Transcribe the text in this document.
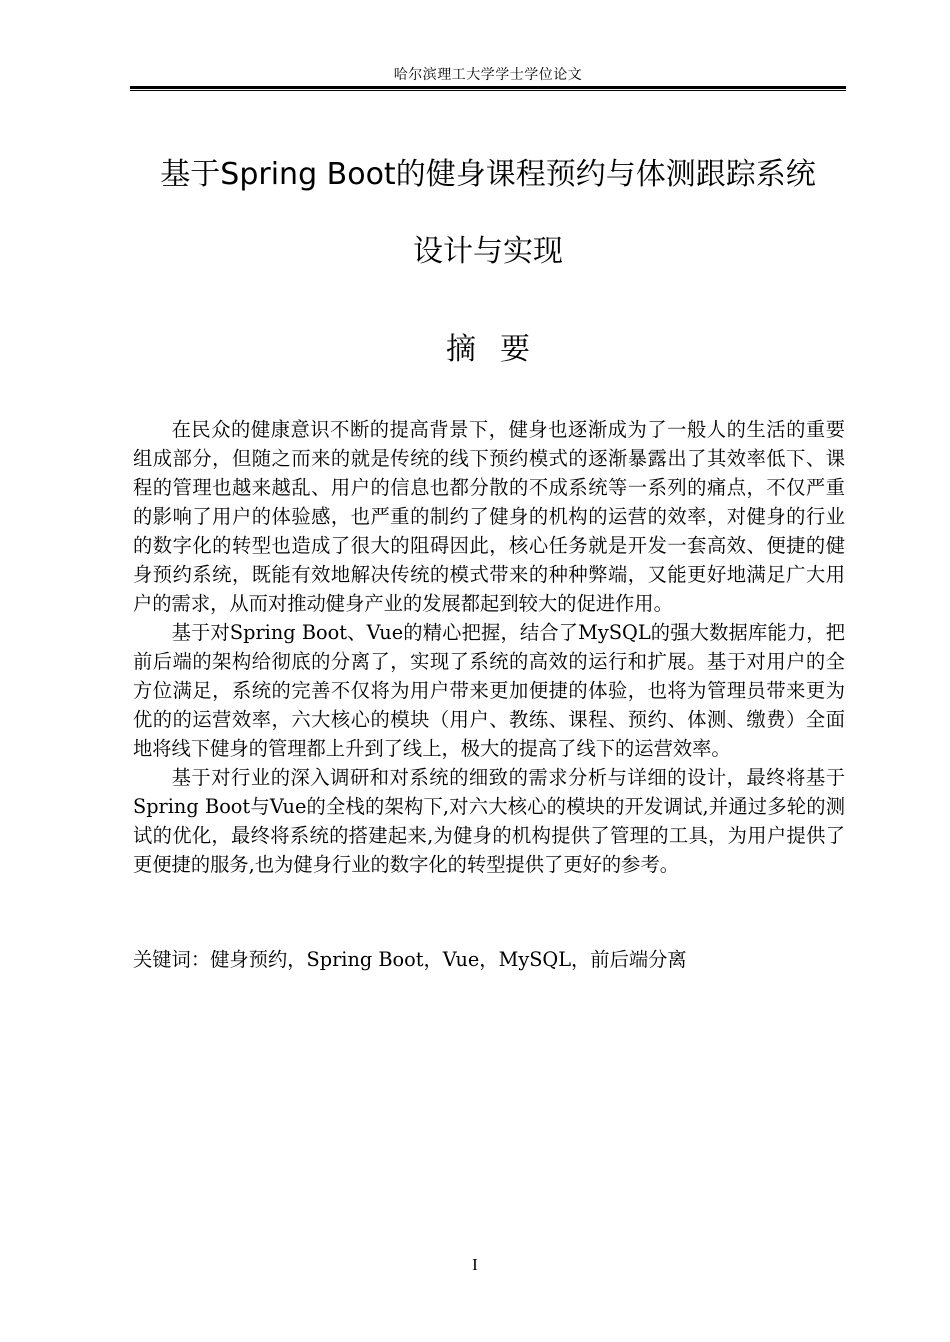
哈尔滨理工大学学士学位论文
基于Spring Boot的健身课程预约与体测跟踪系统
设计与实现
摘要

在民众的健康意识不断的提高背景下，健身也逐渐成为了一般人的生活的重要组成部分，但随之而来的就是传统的线下预约模式的逐渐暴露出了其效率低下、课程的管理也越来越乱、用户的信息也都分散的不成系统等一系列的痛点，不仅严重的影响了用户的体验感，也严重的制约了健身的机构的运营的效率，对健身的行业的数字化的转型也造成了很大的阻碍因此，核心任务就是开发一套高效、便捷的健身预约系统，既能有效地解决传统的模式带来的种种弊端，又能更好地满足广大用户的需求，从而对推动健身产业的发展都起到较大的促进作用。

基于对Spring Boot、Vue的精心把握，结合了MySQL的强大数据库能力，把前后端的架构给彻底的分离了，实现了系统的高效的运行和扩展。基于对用户的全方位满足，系统的完善不仅将为用户带来更加便捷的体验，也将为管理员带来更为优的的运营效率，六大核心的模块（用户、教练、课程、预约、体测、缴费）全面地将线下健身的管理都上升到了线上，极大的提高了线下的运营效率。

基于对行业的深入调研和对系统的细致的需求分析与详细的设计，最终将基于Spring Boot与Vue的全栈的架构下,对六大核心的模块的开发调试,并通过多轮的测试的优化，最终将系统的搭建起来,为健身的机构提供了管理的工具，为用户提供了更便捷的服务,也为健身行业的数字化的转型提供了更好的参考。

关键词：健身预约，Spring Boot，Vue，MySQL，前后端分离
I
